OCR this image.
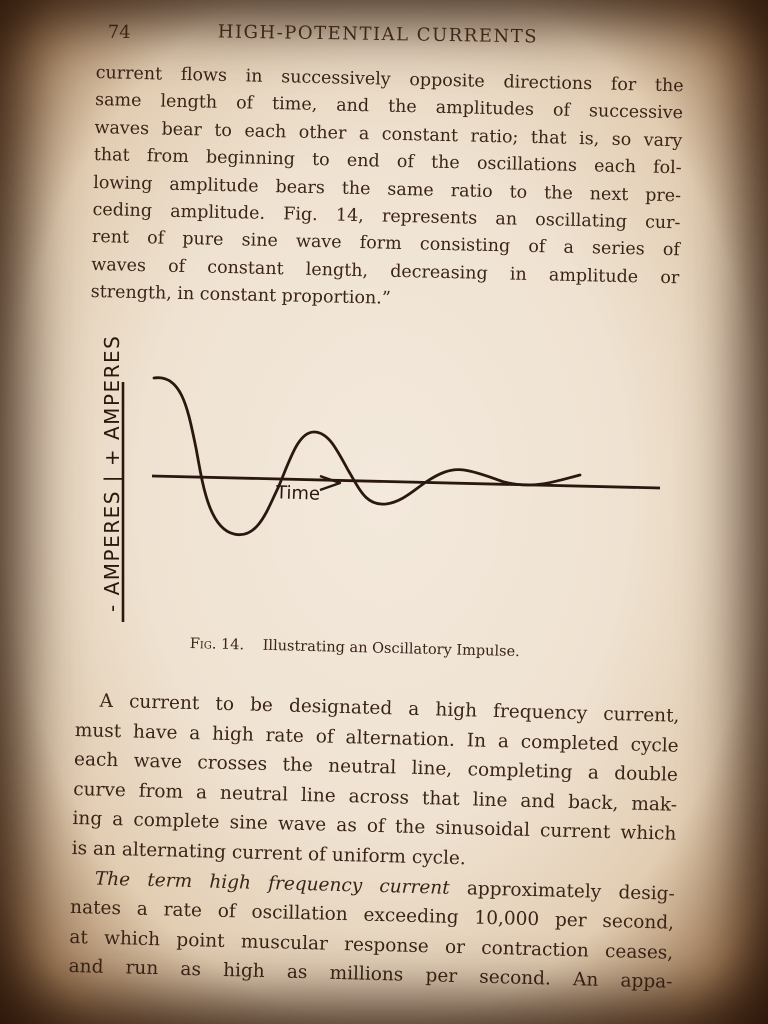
74	HIGH-POTENTIAL CURRENTS
current flows in successively opposite directions for the
same length of time, and the amplitudes of successive
waves bear to each other a constant ratio; that is, so vary
that from beginning to end of the oscillations each fol-
lowing amplitude bears the same ratio to the next pre-
ceding amplitude. Fig. 14, represents an oscillating cur-
rent of pure sine wave form consisting of a series of
waves of constant length, decreasing in amplitude or
strength, in constant proportion.”
- AMPERES | + AMPERES	Time
Fig. 14. Illustrating an Oscillatory Impulse.
A current to be designated a high frequency current,
must have a high rate of alternation. In a completed cycle
each wave crosses the neutral line, completing a double
curve from a neutral line across that line and back, mak-
ing a complete sine wave as of the sinusoidal current which
is an alternating current of uniform cycle.
The term high frequency current approximately desig-
nates a rate of oscillation exceeding 10,000 per second,
at which point muscular response or contraction ceases,
and run as high as millions per second. An appa-
